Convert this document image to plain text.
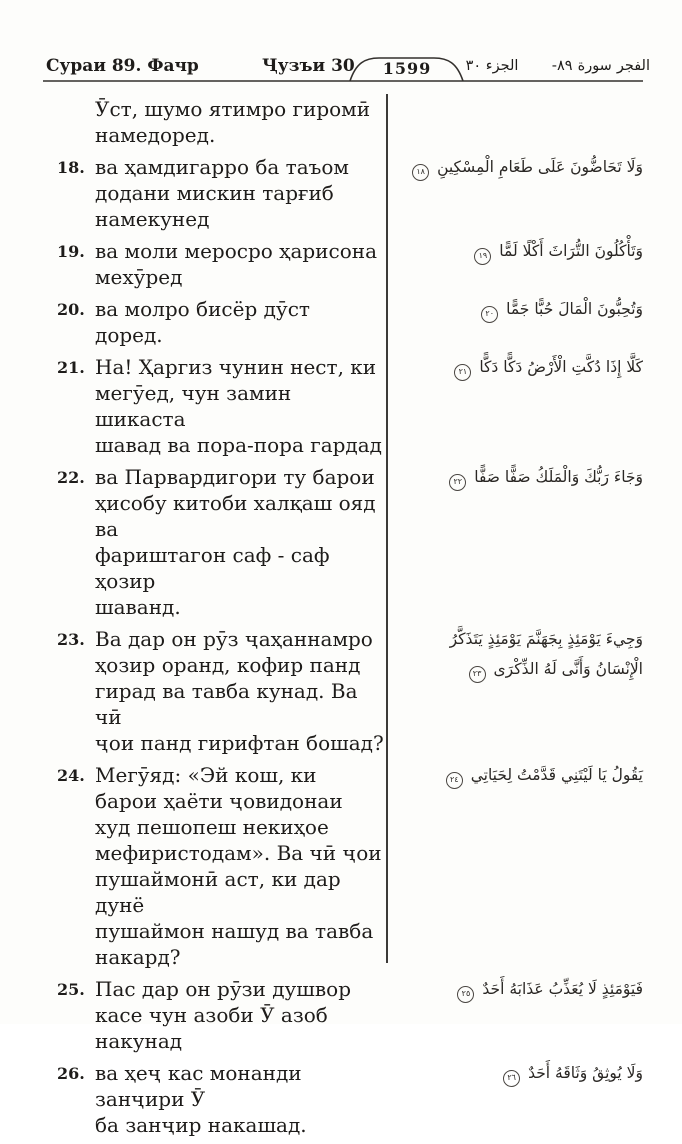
Сураи 89. Фачр	Ҷузъи 30	1599	الجزء ٣٠	٨٩- سورة الفجر
Ӯст, шумо ятимро гиромӣ
намедоред.
18. ва ҳамдигарро ба таъом
додани мискин тарғиб
намекунед
وَلَا تَحَاضُّونَ عَلَى طَعَامِ الْمِسْكِينِ ١٨
19. ва моли меросро ҳарисона
мехӯред
وَتَأْكُلُونَ التُّرَاثَ أَكْلًا لَمًّا ١٩
20. ва молро бисёр дӯст
доред.
وَتُحِبُّونَ الْمَالَ حُبًّا جَمًّا ٢٠
21. На! Ҳаргиз чунин нест, ки
мегӯед, чун замин шикаста
шавад ва пора-пора гардад
كَلَّا إِذَا دُكَّتِ الْأَرْضُ دَكًّا دَكًّا ٢١
22. ва Парвардигори ту барои
ҳисобу китоби халқаш ояд ва
фариштагон саф - саф ҳозир
шаванд.
وَجَاءَ رَبُّكَ وَالْمَلَكُ صَفًّا صَفًّا ٢٢
23. Ва дар он рӯз ҷаҳаннамро
ҳозир оранд, кофир панд
гирад ва тавба кунад. Ва чӣ
ҷои панд гирифтан бошад?
وَجِيءَ يَوْمَئِذٍ بِجَهَنَّمَ يَوْمَئِذٍ يَتَذَكَّرُ
الْإِنْسَانُ وَأَنَّى لَهُ الذِّكْرَى ٢٣
24. Мегӯяд: «Эй кош, ки
барои ҳаёти ҷовидонаи
худ пешопеш некиҳое
мефиристодам». Ва чӣ ҷои
пушаймонӣ аст, ки дар дунё
пушаймон нашуд ва тавба
накард?
يَقُولُ يَا لَيْتَنِي قَدَّمْتُ لِحَيَاتِي ٢٤
25. Пас дар он рӯзи душвор
касе чун азоби Ӯ азоб
накунад
فَيَوْمَئِذٍ لَا يُعَذِّبُ عَذَابَهُ أَحَدٌ ٢٥
26. ва ҳеҷ кас монанди занҷири Ӯ
ба занҷир накашад.
وَلَا يُوثِقُ وَثَاقَهُ أَحَدٌ ٢٦
